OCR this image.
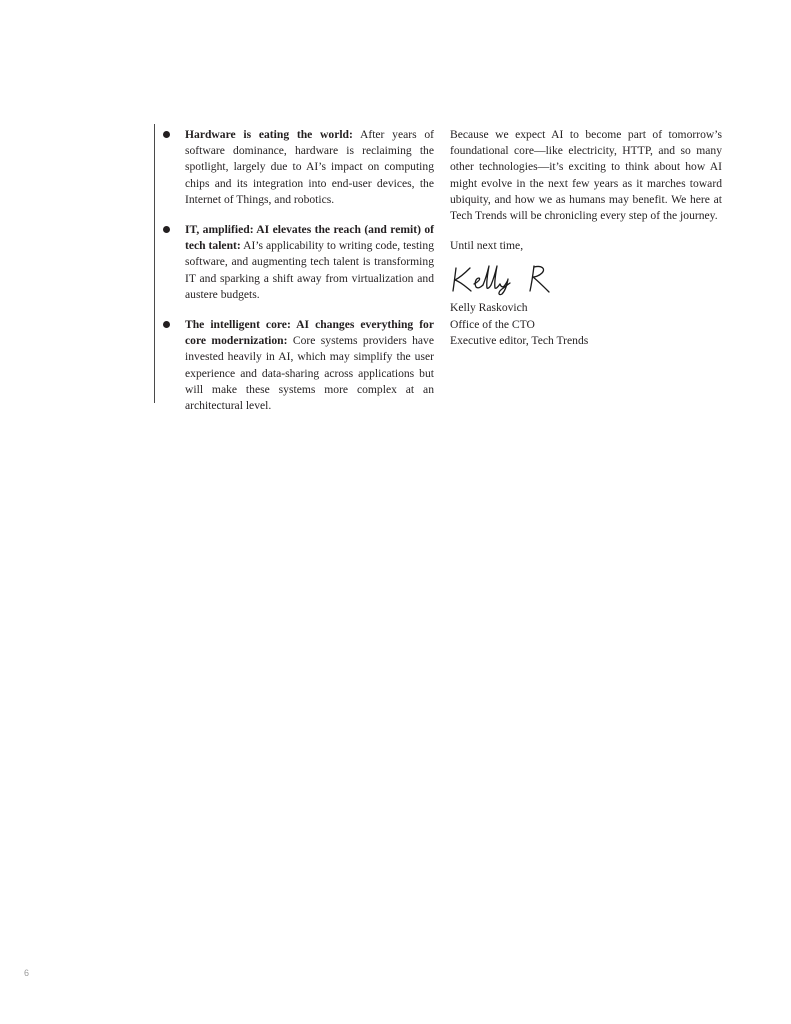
Hardware is eating the world: After years of software dominance, hardware is reclaiming the spotlight, largely due to AI’s impact on computing chips and its integration into end-user devices, the Internet of Things, and robotics.
IT, amplified: AI elevates the reach (and remit) of tech talent: AI’s applicability to writing code, testing software, and augmenting tech talent is transforming IT and sparking a shift away from virtualization and austere budgets.
The intelligent core: AI changes everything for core modernization: Core systems providers have invested heavily in AI, which may simplify the user experience and data-sharing across applications but will make these systems more complex at an architectural level.

Because we expect AI to become part of tomorrow’s foundational core—like electricity, HTTP, and so many other technologies—it’s exciting to think about how AI might evolve in the next few years as it marches toward ubiquity, and how we as humans may benefit. We here at Tech Trends will be chronicling every step of the journey.

Until next time,

Kelly Raskovich

Office of the CTO

Executive editor, Tech Trends

6
